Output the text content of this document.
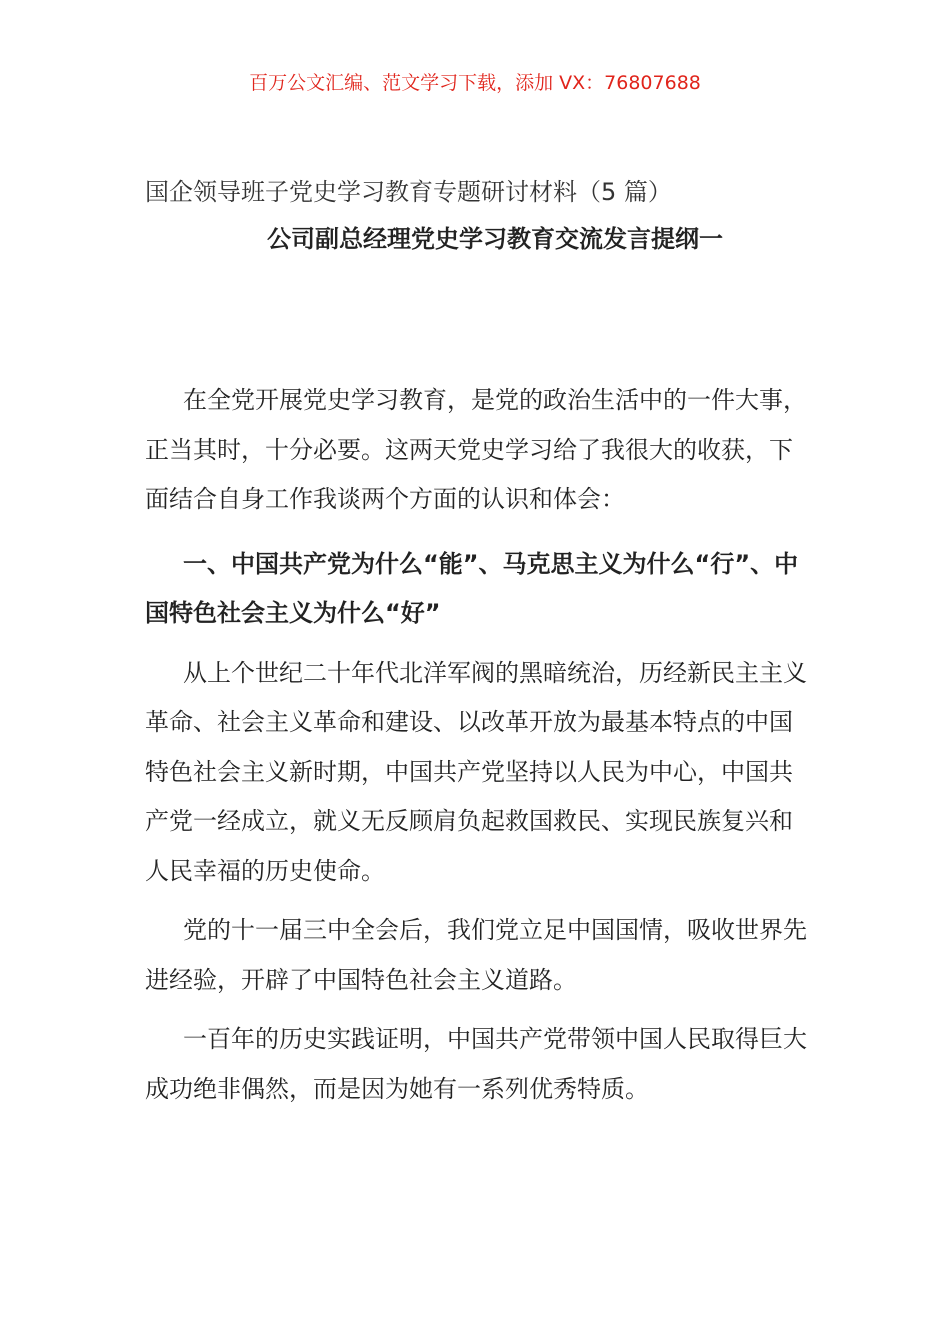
百万公文汇编、范文学习下载，添加 VX：76807688
国企领导班子党史学习教育专题研讨材料（5 篇）
公司副总经理党史学习教育交流发言提纲一

在全党开展党史学习教育，是党的政治生活中的一件大事，正当其时，十分必要。这两天党史学习给了我很大的收获，下面结合自身工作我谈两个方面的认识和体会：

一、中国共产党为什么“能”、马克思主义为什么“行”、中国特色社会主义为什么“好”

从上个世纪二十年代北洋军阀的黑暗统治，历经新民主主义革命、社会主义革命和建设、以改革开放为最基本特点的中国特色社会主义新时期，中国共产党坚持以人民为中心，中国共产党一经成立，就义无反顾肩负起救国救民、实现民族复兴和人民幸福的历史使命。

党的十一届三中全会后，我们党立足中国国情，吸收世界先进经验，开辟了中国特色社会主义道路。

一百年的历史实践证明，中国共产党带领中国人民取得巨大成功绝非偶然，而是因为她有一系列优秀特质。
